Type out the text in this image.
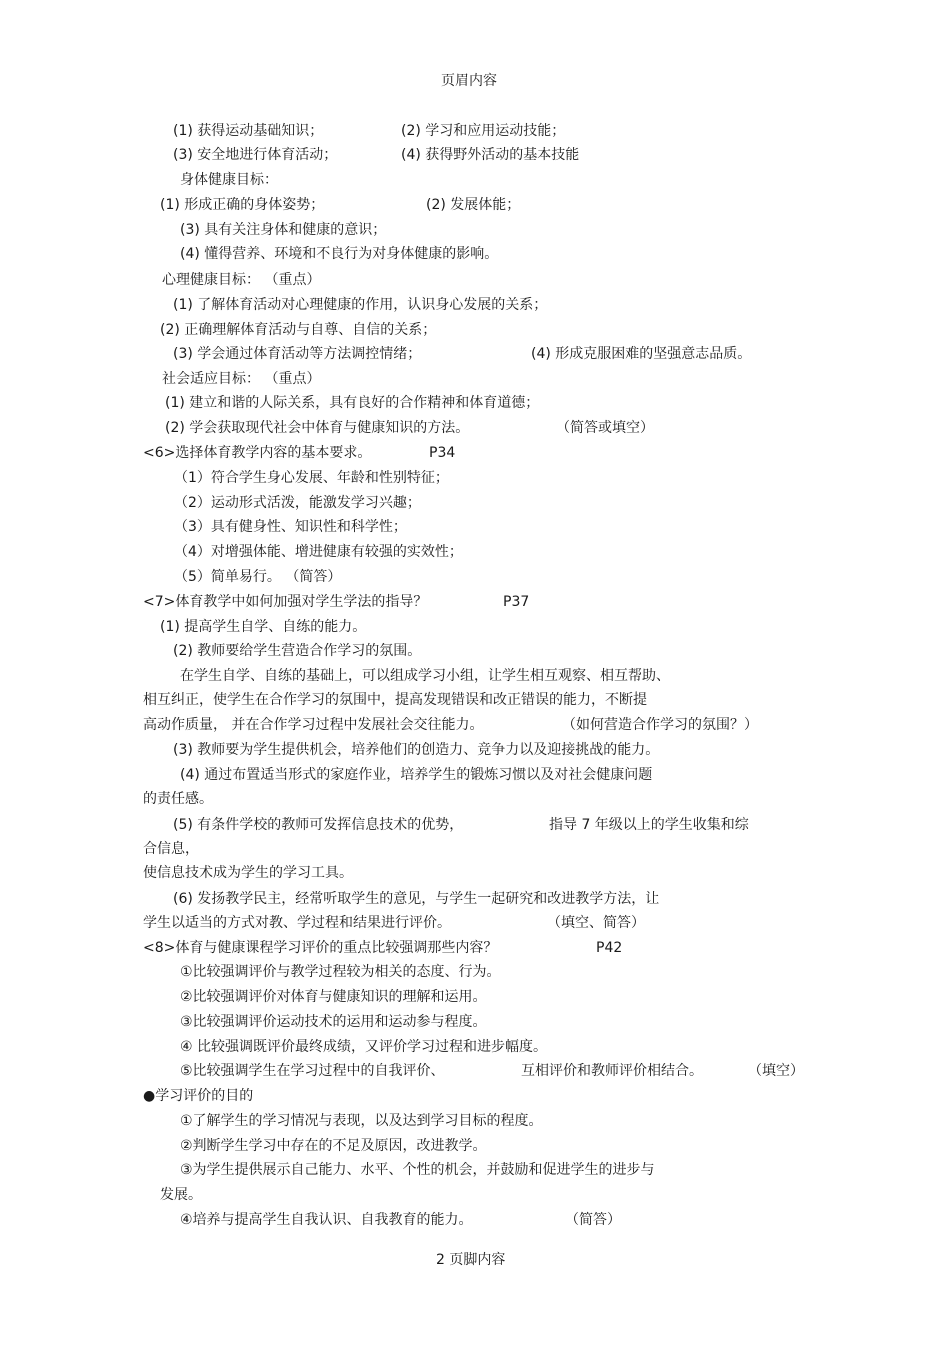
页眉内容
(1) 获得运动基础知识；	(2) 学习和应用运动技能；
(3) 安全地进行体育活动；	(4) 获得野外活动的基本技能
身体健康目标：
(1) 形成正确的身体姿势；	(2) 发展体能；
(3) 具有关注身体和健康的意识；
(4) 懂得营养、环境和不良行为对身体健康的影响。
心理健康目标： （重点）
(1) 了解体育活动对心理健康的作用，认识身心发展的关系；
(2) 正确理解体育活动与自尊、自信的关系；
(3) 学会通过体育活动等方法调控情绪；	(4) 形成克服困难的坚强意志品质。
社会适应目标： （重点）
(1) 建立和谐的人际关系，具有良好的合作精神和体育道德；
(2) 学会获取现代社会中体育与健康知识的方法。	（简答或填空）
<6>选择体育教学内容的基本要求。	P34
（1）符合学生身心发展、年龄和性别特征；
（2）运动形式活泼，能激发学习兴趣；
（3）具有健身性、知识性和科学性；
（4）对增强体能、增进健康有较强的实效性；
（5）简单易行。 （简答）
<7>体育教学中如何加强对学生学法的指导？	P37
(1) 提高学生自学、自练的能力。
(2) 教师要给学生营造合作学习的氛围。
在学生自学、自练的基础上，可以组成学习小组，让学生相互观察、相互帮助、
相互纠正，使学生在合作学习的氛围中，提高发现错误和改正错误的能力，不断提
高动作质量， 并在合作学习过程中发展社会交往能力。	（如何营造合作学习的氛围？）
(3) 教师要为学生提供机会，培养他们的创造力、竞争力以及迎接挑战的能力。
(4) 通过布置适当形式的家庭作业，培养学生的锻炼习惯以及对社会健康问题
的责任感。
(5) 有条件学校的教师可发挥信息技术的优势，	指导 7 年级以上的学生收集和综
合信息，
使信息技术成为学生的学习工具。
(6) 发扬教学民主，经常听取学生的意见，与学生一起研究和改进教学方法，让
学生以适当的方式对教、学过程和结果进行评价。	（填空、简答）
<8>体育与健康课程学习评价的重点比较强调那些内容？	P42
①比较强调评价与教学过程较为相关的态度、行为。
②比较强调评价对体育与健康知识的理解和运用。
③比较强调评价运动技术的运用和运动参与程度。
④ 比较强调既评价最终成绩，又评价学习过程和进步幅度。
⑤比较强调学生在学习过程中的自我评价、	互相评价和教师评价相结合。	（填空）
●学习评价的目的
①了解学生的学习情况与表现，以及达到学习目标的程度。
②判断学生学习中存在的不足及原因，改进教学。
③为学生提供展示自己能力、水平、个性的机会，并鼓励和促进学生的进步与
发展。
④培养与提高学生自我认识、自我教育的能力。	（简答）
2 页脚内容
